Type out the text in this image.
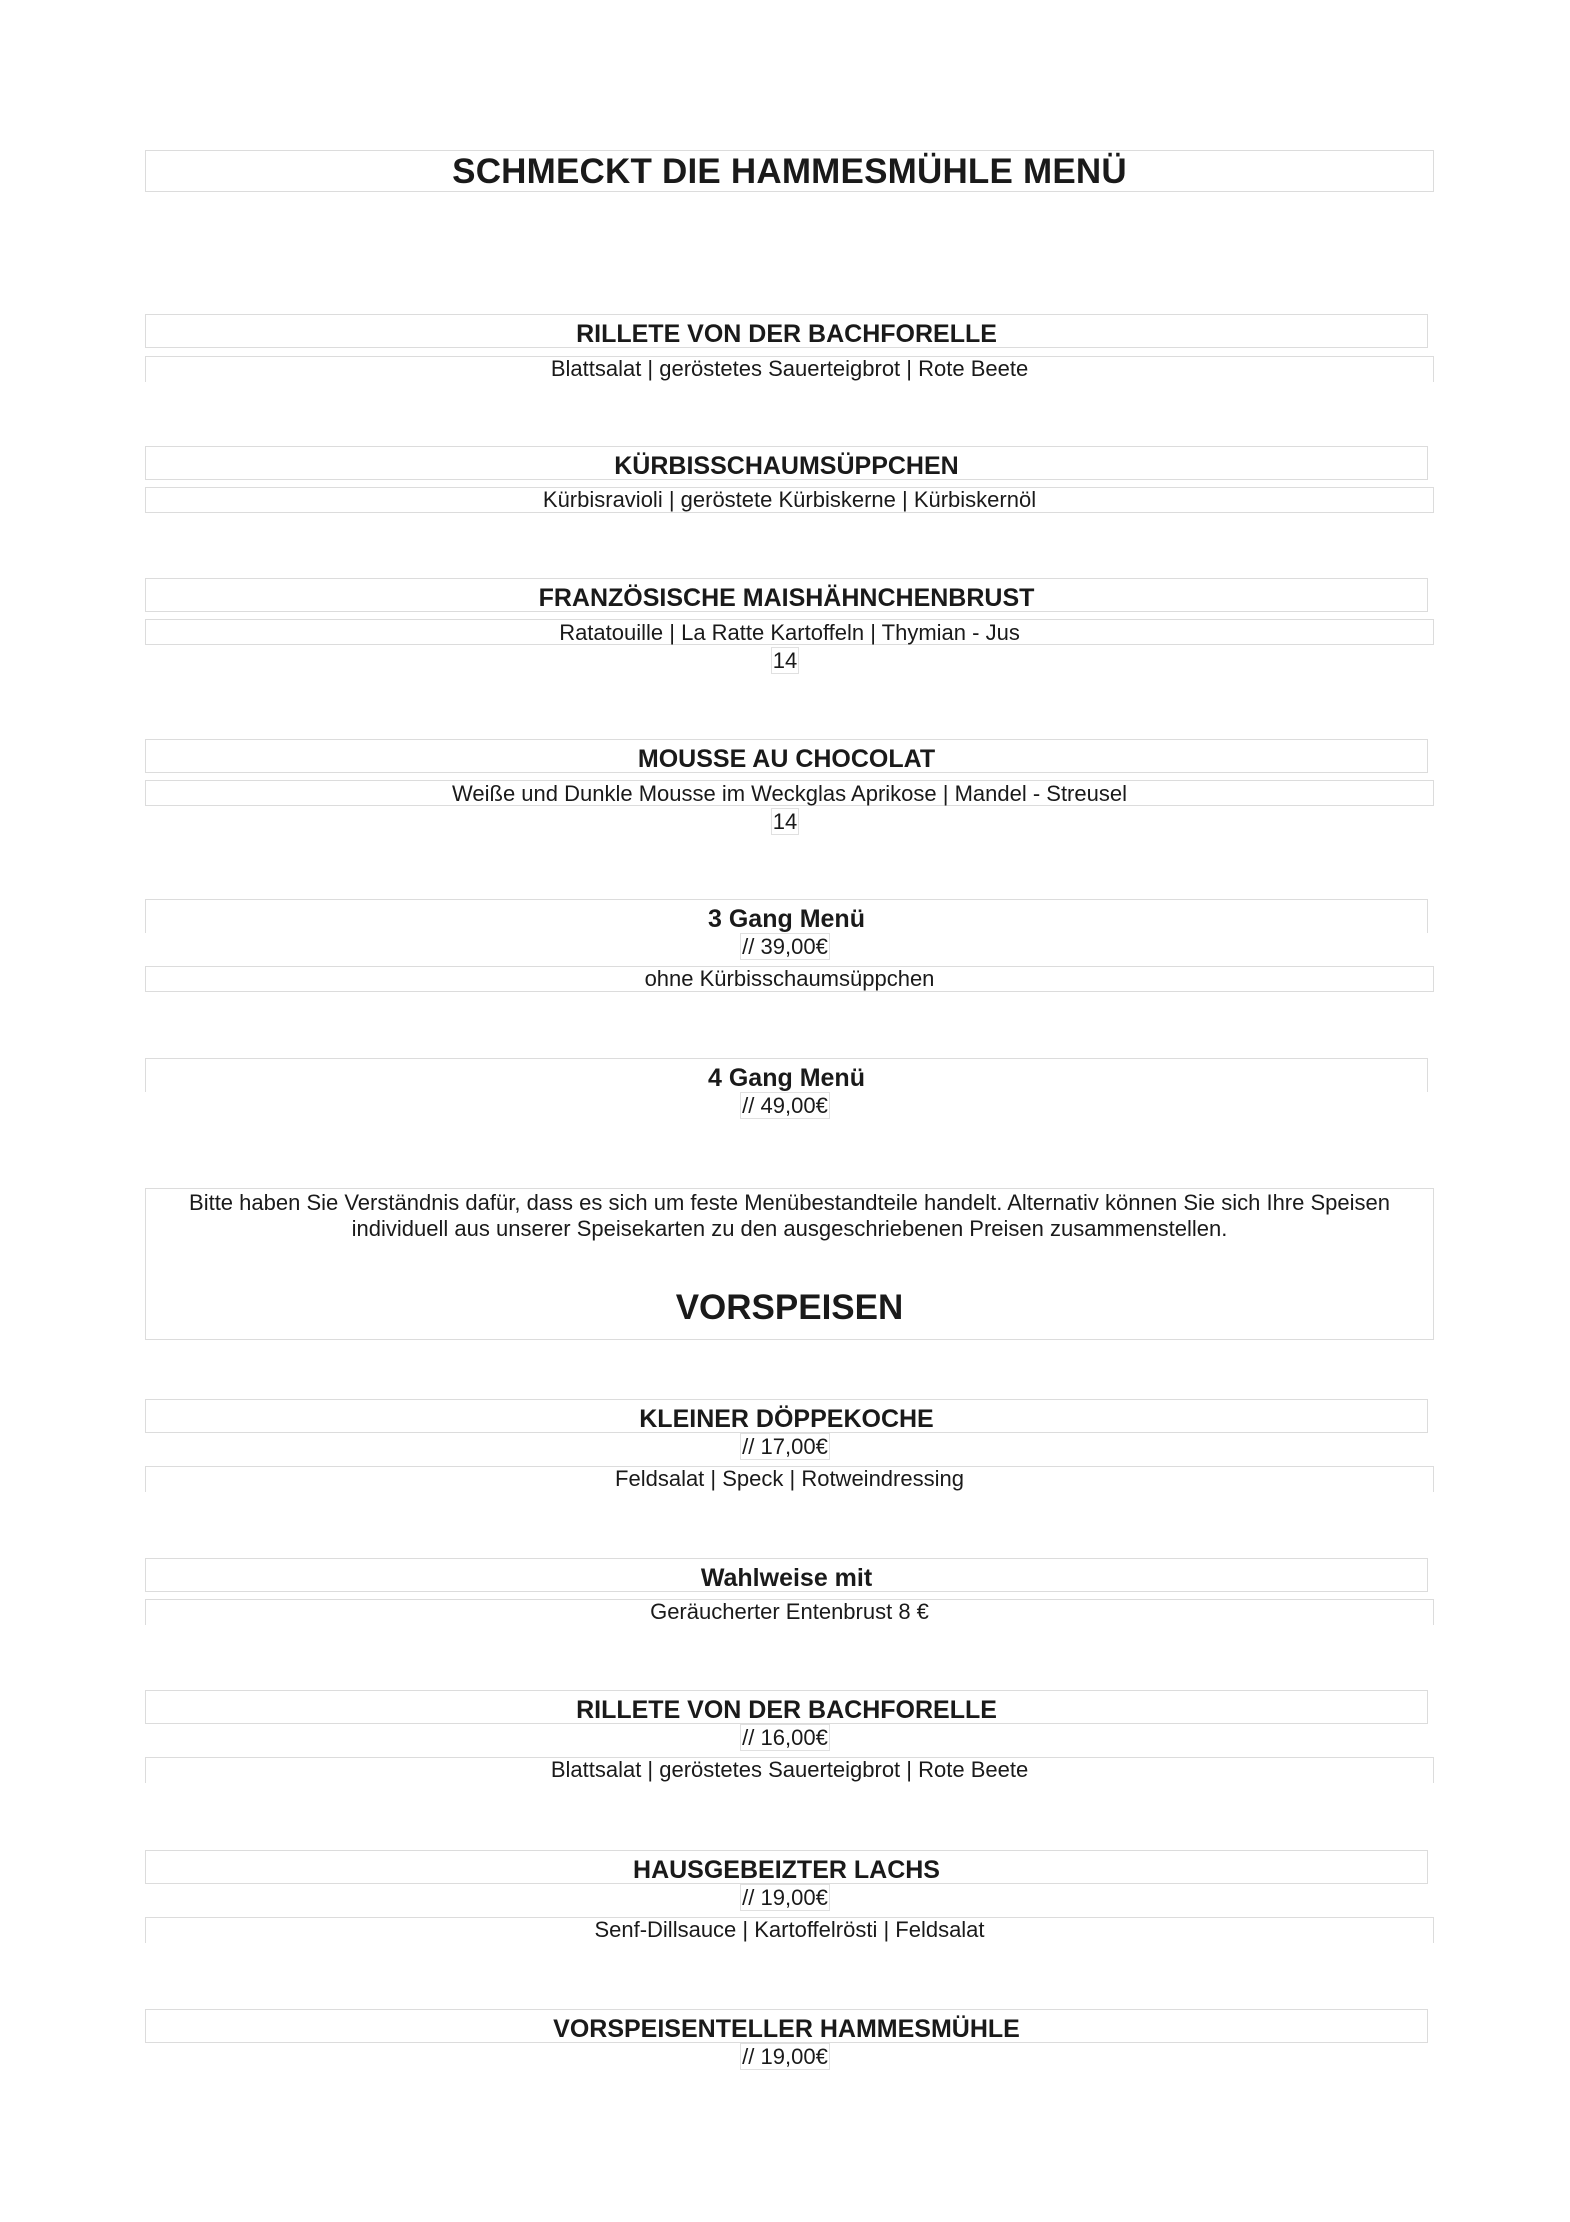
SCHMECKT DIE HAMMESMÜHLE MENÜ
RILLETE VON DER BACHFORELLE
Blattsalat | geröstetes Sauerteigbrot | Rote Beete
KÜRBISSCHAUMSÜPPCHEN
Kürbisravioli | geröstete Kürbiskerne | Kürbiskernöl
FRANZÖSISCHE MAISHÄHNCHENBRUST
Ratatouille | La Ratte Kartoffeln | Thymian - Jus
14
MOUSSE AU CHOCOLAT
Weiße und Dunkle Mousse im Weckglas Aprikose | Mandel - Streusel
14
3 Gang Menü
// 39,00€
ohne Kürbisschaumsüppchen
4 Gang Menü
// 49,00€
Bitte haben Sie Verständnis dafür, dass es sich um feste Menübestandteile handelt. Alternativ können Sie sich Ihre Speisen individuell aus unserer Speisekarten zu den ausgeschriebenen Preisen zusammenstellen.
VORSPEISEN
KLEINER DÖPPEKOCHE
// 17,00€
Feldsalat | Speck | Rotweindressing
Wahlweise mit
Geräucherter Entenbrust 8 €
RILLETE VON DER BACHFORELLE
// 16,00€
Blattsalat | geröstetes Sauerteigbrot | Rote Beete
HAUSGEBEIZTER LACHS
// 19,00€
Senf-Dillsauce | Kartoffelrösti | Feldsalat
VORSPEISENTELLER HAMMESMÜHLE
// 19,00€
